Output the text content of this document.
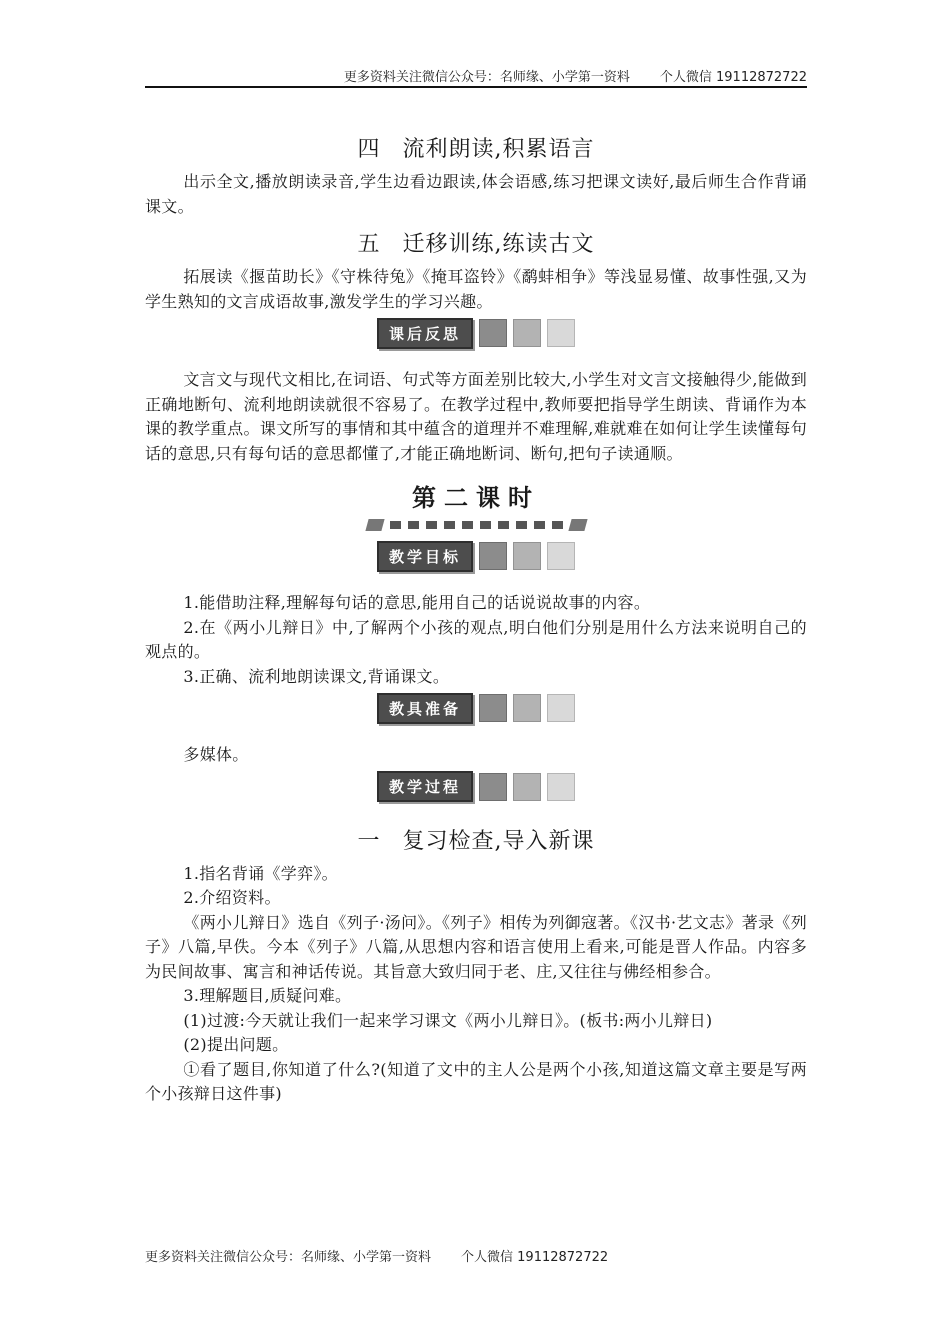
更多资料关注微信公众号：名师缘、小学第一资料 个人微信 19112872722
四 流利朗读,积累语言

出示全文,播放朗读录音,学生边看边跟读,体会语感,练习把课文读好,最后师生合作背诵课文。

五 迁移训练,练读古文

拓展读《揠苗助长》《守株待兔》《掩耳盗铃》《鹬蚌相争》等浅显易懂、故事性强,又为学生熟知的文言成语故事,激发学生的学习兴趣。

课后反思

文言文与现代文相比,在词语、句式等方面差别比较大,小学生对文言文接触得少,能做到正确地断句、流利地朗读就很不容易了。在教学过程中,教师要把指导学生朗读、背诵作为本课的教学重点。课文所写的事情和其中蕴含的道理并不难理解,难就难在如何让学生读懂每句话的意思,只有每句话的意思都懂了,才能正确地断词、断句,把句子读通顺。

第二课时
教学目标

1.能借助注释,理解每句话的意思,能用自己的话说说故事的内容。

2.在《两小儿辩日》中,了解两个小孩的观点,明白他们分别是用什么方法来说明自己的观点的。

3.正确、流利地朗读课文,背诵课文。

教具准备

多媒体。

教学过程
一 复习检查,导入新课

1.指名背诵《学弈》。

2.介绍资料。

《两小儿辩日》选自《列子·汤问》。《列子》相传为列御寇著。《汉书·艺文志》著录《列子》八篇,早佚。今本《列子》八篇,从思想内容和语言使用上看来,可能是晋人作品。内容多为民间故事、寓言和神话传说。其旨意大致归同于老、庄,又往往与佛经相参合。

3.理解题目,质疑问难。

(1)过渡:今天就让我们一起来学习课文《两小儿辩日》。(板书:两小儿辩日)

(2)提出问题。

①看了题目,你知道了什么?(知道了文中的主人公是两个小孩,知道这篇文章主要是写两个小孩辩日这件事)

更多资料关注微信公众号：名师缘、小学第一资料 个人微信 19112872722
